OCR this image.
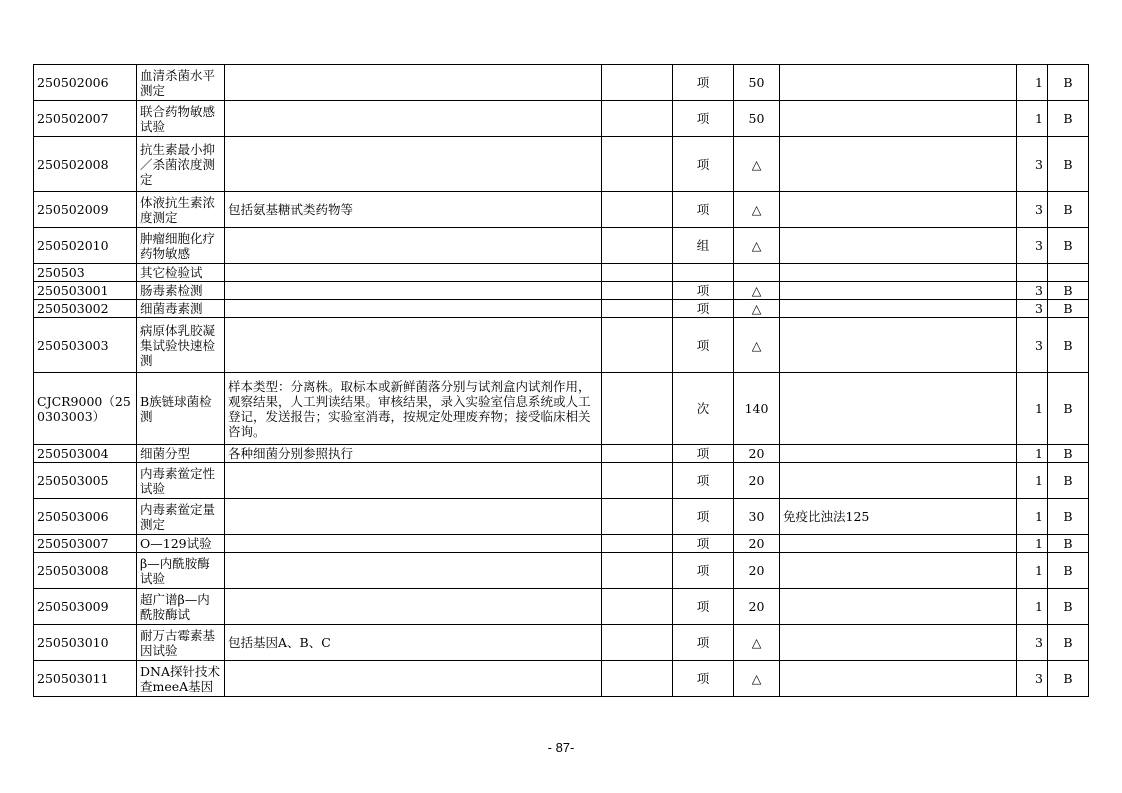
250502006	血清杀菌水平测定			项	50		1	B
250502007	联合药物敏感试验			项	50		1	B
250502008	抗生素最小抑／杀菌浓度测定			项	△		3	B
250502009	体液抗生素浓度测定	包括氨基糖甙类药物等		项	△		3	B
250502010	肿瘤细胞化疗药物敏感			组	△		3	B
250503	其它检验试							
250503001	肠毒素检测			项	△		3	B
250503002	细菌毒素测			项	△		3	B
250503003	病原体乳胶凝集试验快速检测			项	△		3	B
CJCR9000（250303003）	B族链球菌检测	样本类型：分离株。取标本或新鲜菌落分别与试剂盒内试剂作用，观察结果，人工判读结果。审核结果，录入实验室信息系统或人工登记，发送报告；实验室消毒，按规定处理废弃物；接受临床相关咨询。		次	140		1	B
250503004	细菌分型	各种细菌分别参照执行		项	20		1	B
250503005	内毒素鲎定性试验			项	20		1	B
250503006	内毒素鲎定量测定			项	30	免疫比浊法125	1	B
250503007	O—129试验			项	20		1	B
250503008	β—内酰胺酶试验			项	20		1	B
250503009	超广谱β—内酰胺酶试			项	20		1	B
250503010	耐万古霉素基因试验	包括基因A、B、C		项	△		3	B
250503011	DNA探针技术查meeA基因			项	△		3	B
- 87-
